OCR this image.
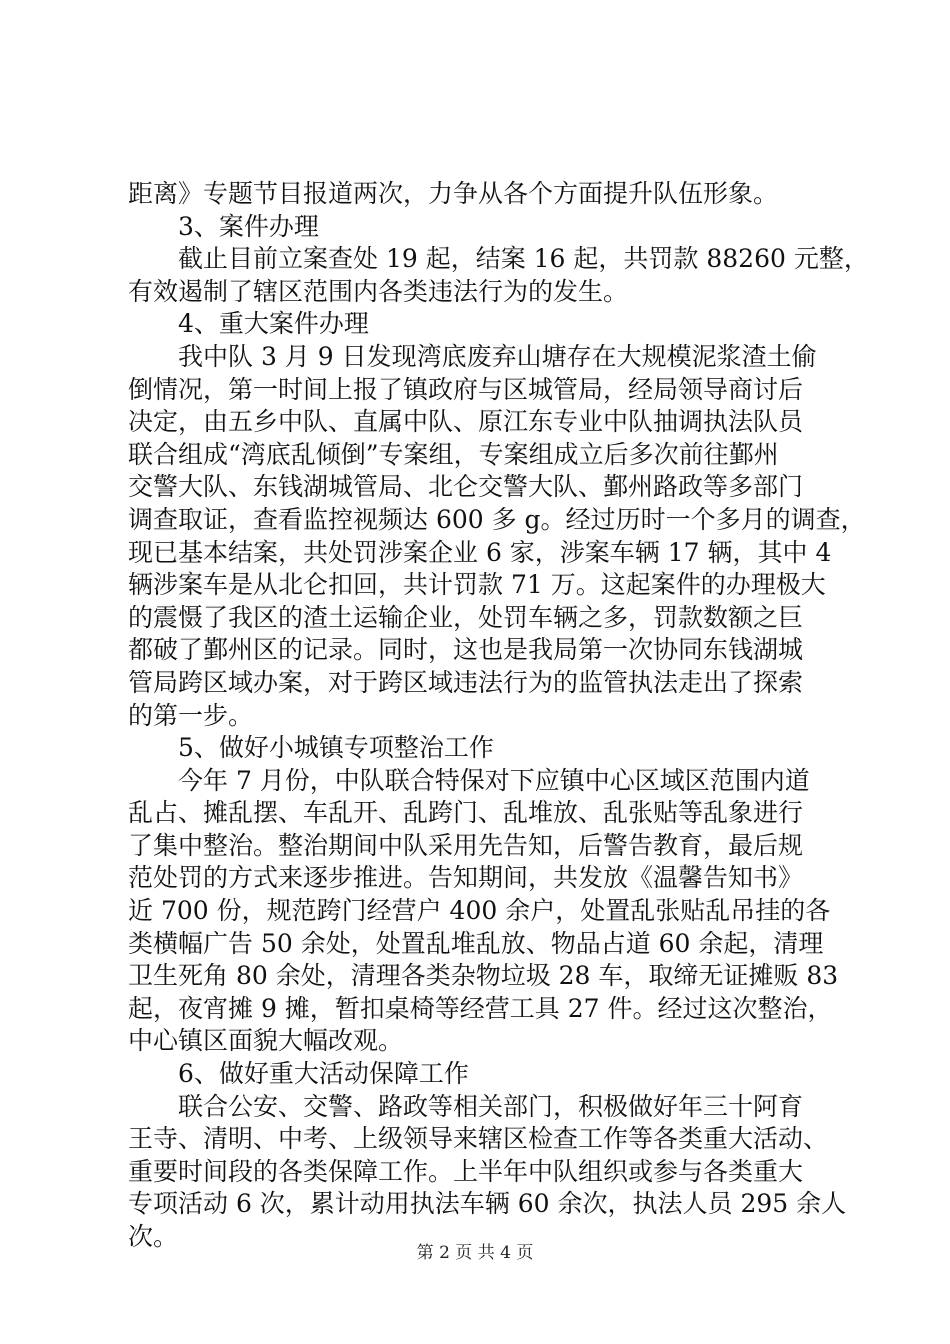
距离》专题节目报道两次，力争从各个方面提升队伍形象。
3、案件办理
截止目前立案查处 19 起，结案 16 起，共罚款 88260 元整，
有效遏制了辖区范围内各类违法行为的发生。
4、重大案件办理
我中队 3 月 9 日发现湾底废弃山塘存在大规模泥浆渣土偷
倒情况，第一时间上报了镇政府与区城管局，经局领导商讨后
决定，由五乡中队、直属中队、原江东专业中队抽调执法队员
联合组成“湾底乱倾倒”专案组，专案组成立后多次前往鄞州
交警大队、东钱湖城管局、北仑交警大队、鄞州路政等多部门
调查取证，查看监控视频达 600 多 g。经过历时一个多月的调查，
现已基本结案，共处罚涉案企业 6 家，涉案车辆 17 辆，其中 4
辆涉案车是从北仑扣回，共计罚款 71 万。这起案件的办理极大
的震慑了我区的渣土运输企业，处罚车辆之多，罚款数额之巨
都破了鄞州区的记录。同时，这也是我局第一次协同东钱湖城
管局跨区域办案，对于跨区域违法行为的监管执法走出了探索
的第一步。
5、做好小城镇专项整治工作
今年 7 月份，中队联合特保对下应镇中心区域区范围内道
乱占、摊乱摆、车乱开、乱跨门、乱堆放、乱张贴等乱象进行
了集中整治。整治期间中队采用先告知，后警告教育，最后规
范处罚的方式来逐步推进。告知期间，共发放《温馨告知书》
近 700 份，规范跨门经营户 400 余户，处置乱张贴乱吊挂的各
类横幅广告 50 余处，处置乱堆乱放、物品占道 60 余起，清理
卫生死角 80 余处，清理各类杂物垃圾 28 车，取缔无证摊贩 83
起，夜宵摊 9 摊，暂扣桌椅等经营工具 27 件。经过这次整治，
中心镇区面貌大幅改观。
6、做好重大活动保障工作
联合公安、交警、路政等相关部门，积极做好年三十阿育
王寺、清明、中考、上级领导来辖区检查工作等各类重大活动、
重要时间段的各类保障工作。上半年中队组织或参与各类重大
专项活动 6 次，累计动用执法车辆 60 余次，执法人员 295 余人
次。
第 2 页 共 4 页
